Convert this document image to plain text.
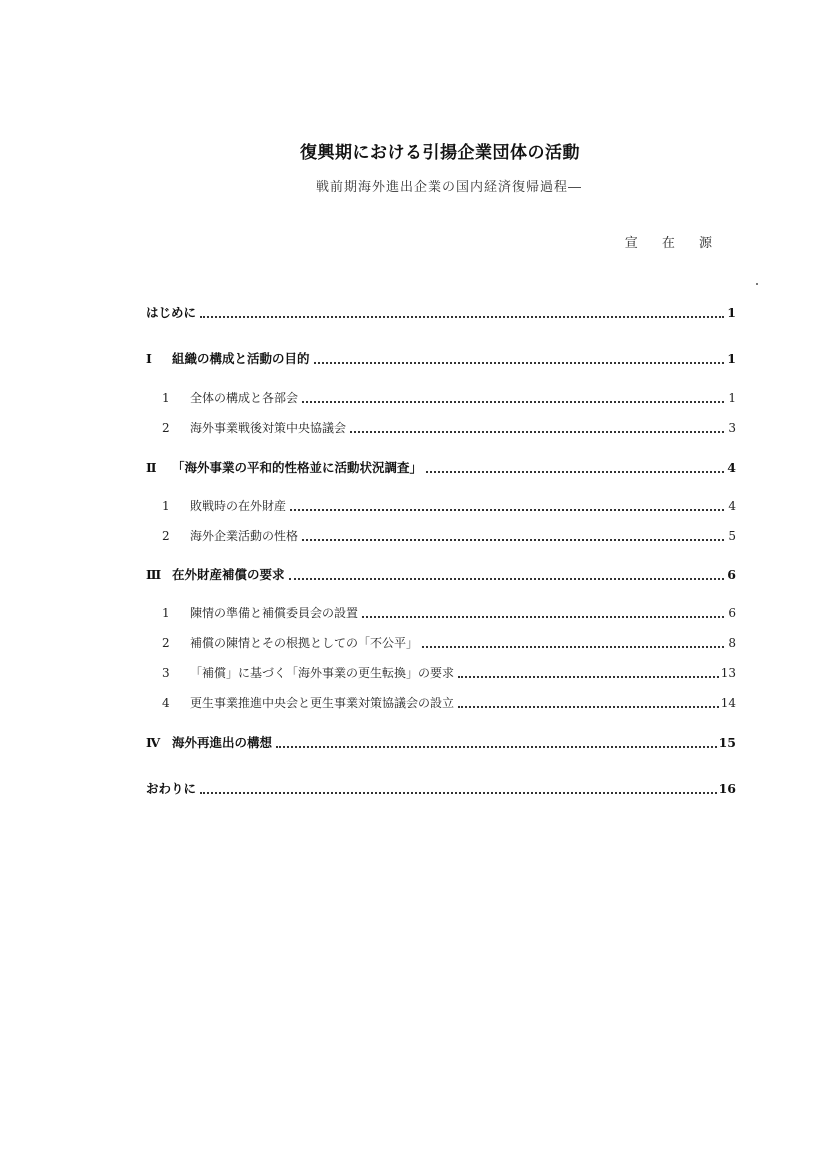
復興期における引揚企業団体の活動
戦前期海外進出企業の国内経済復帰過程―
宣 在 源
はじめに	1
Ⅰ	組織の構成と活動の目的	1
1	全体の構成と各部会	1
2	海外事業戦後対策中央協議会	3
Ⅱ	「海外事業の平和的性格並に活動状況調査」	4
1	敗戦時の在外財産	4
2	海外企業活動の性格	5
Ⅲ 在外財産補償の要求	6
1	陳情の準備と補償委員会の設置	6
2	補償の陳情とその根拠としての「不公平」	8
3	「補償」に基づく「海外事業の更生転換」の要求	13
4	更生事業推進中央会と更生事業対策協議会の設立	14
Ⅳ 海外再進出の構想	15
おわりに	16
